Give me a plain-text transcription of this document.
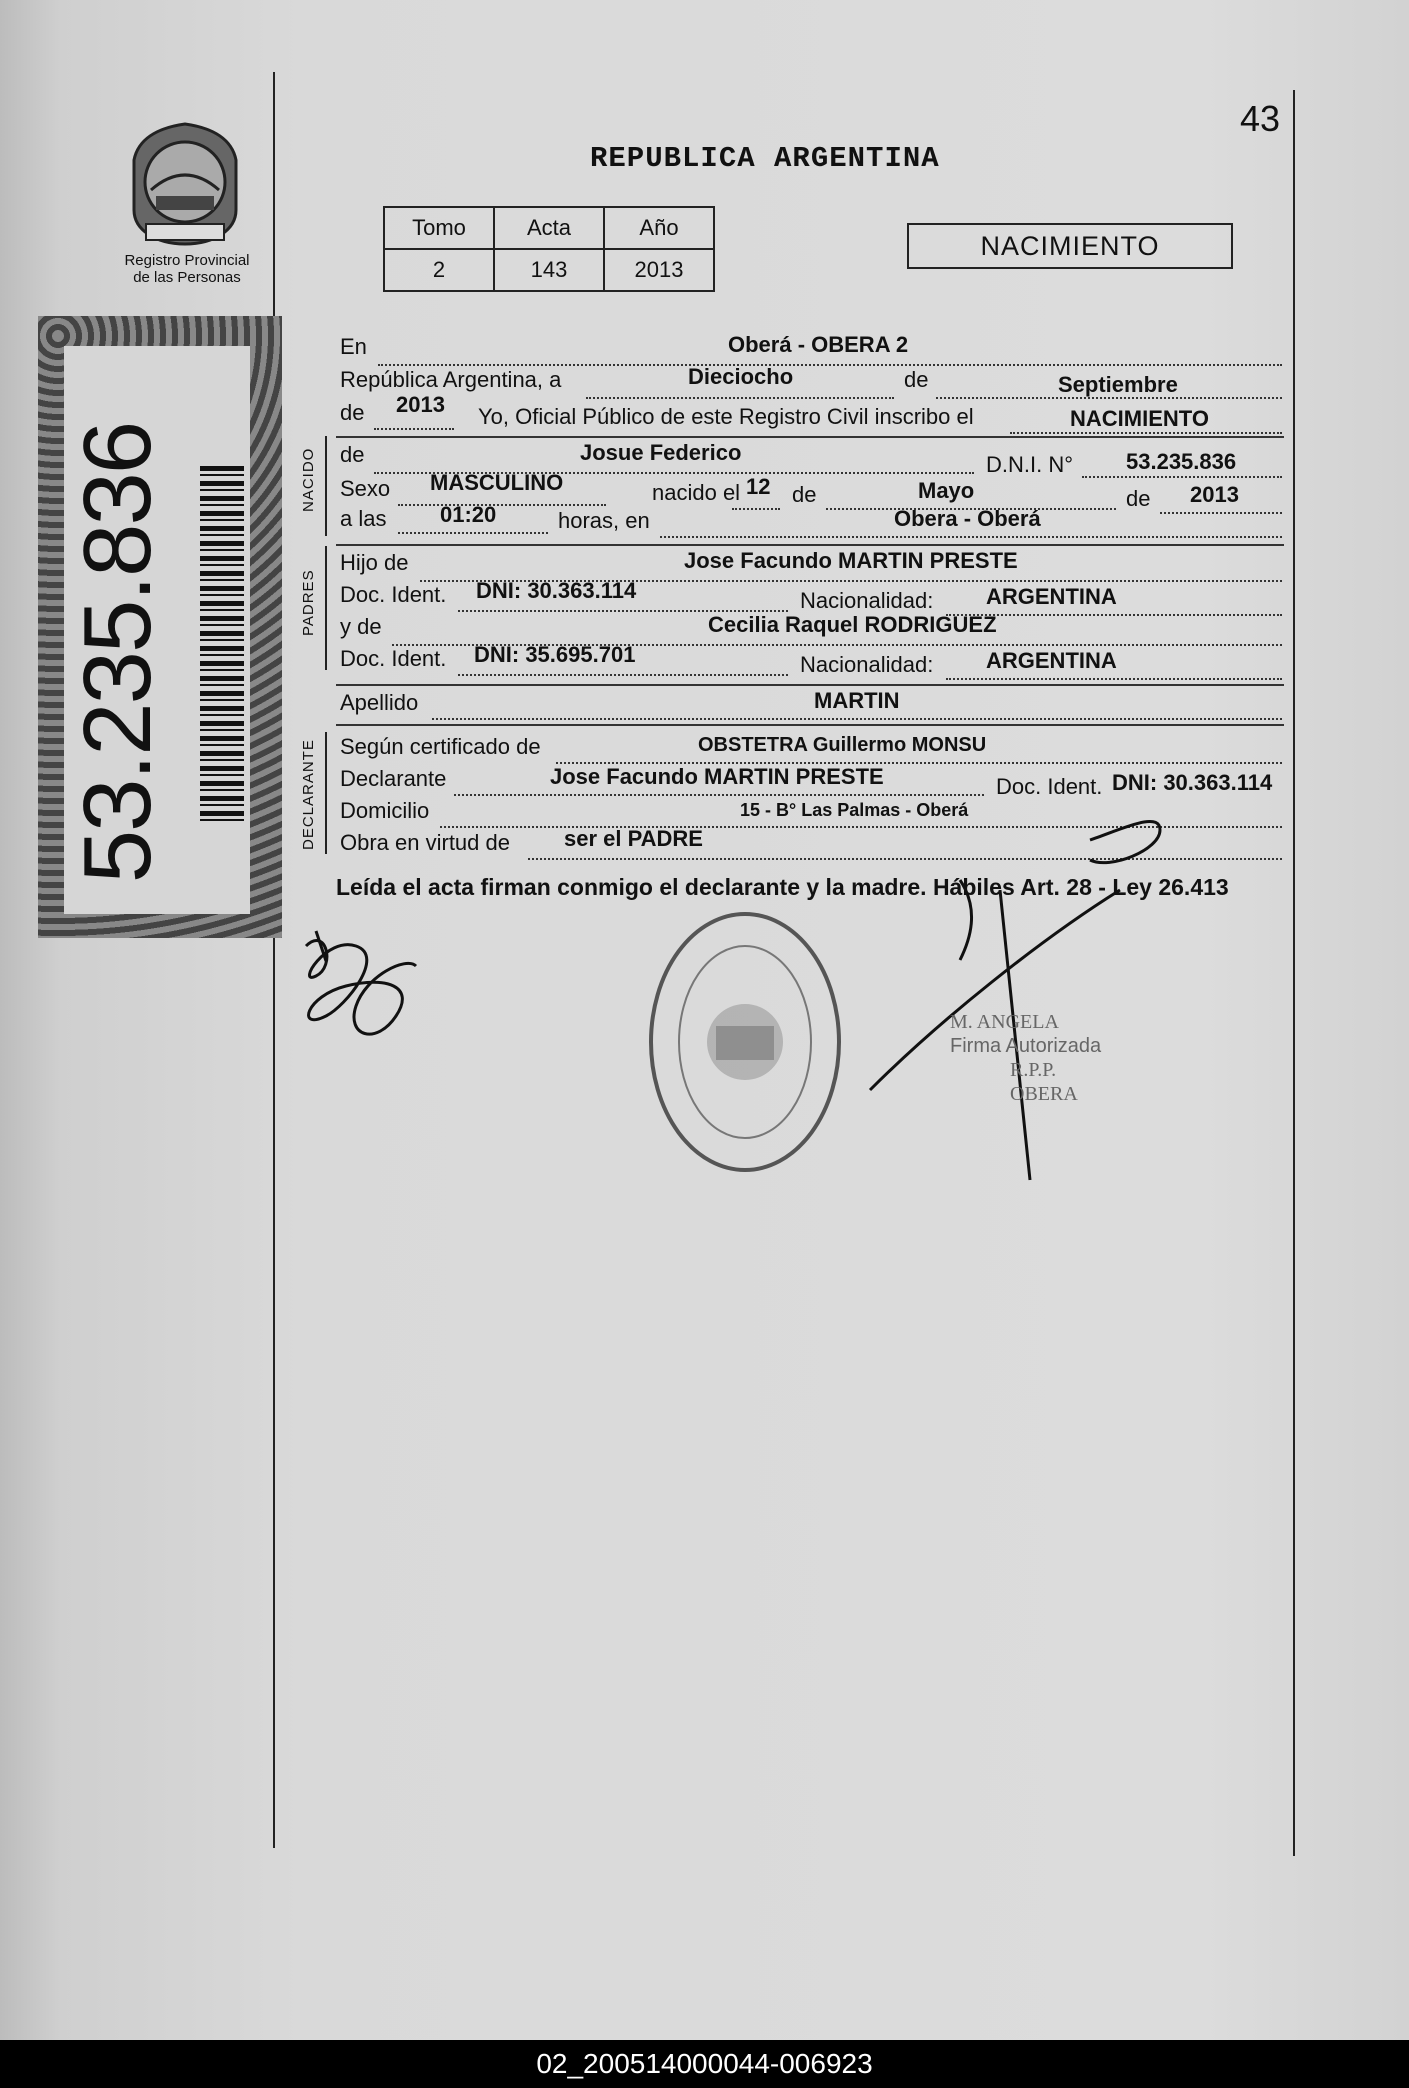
43
Registro Provincial
de las Personas
53.235.836
REPUBLICA ARGENTINA
Tomo	Acta	Año
2	143	2013
NACIMIENTO
NACIDO
PADRES
DECLARANTE
En	Oberá - OBERA 2
República Argentina, a	Dieciocho	de	Septiembre
de 2013 Yo, Oficial Público de este Registro Civil inscribo el	NACIMIENTO
de	Josue Federico	D.N.I. N° 53.235.836
Sexo MASCULINO	nacido el 12 de	Mayo	de 2013
a las 01:20	horas, en	Obera - Oberá
Hijo de	Jose Facundo MARTIN PRESTE
Doc. Ident. DNI: 30.363.114	Nacionalidad: ARGENTINA
y de	Cecilia Raquel RODRIGUEZ
Doc. Ident. DNI: 35.695.701	Nacionalidad: ARGENTINA
Apellido	MARTIN
Según certificado de	OBSTETRA Guillermo MONSU
Declarante	Jose Facundo MARTIN PRESTE	Doc. Ident. DNI: 30.363.114
Domicilio	15 - B° Las Palmas - Oberá
Obra en virtud de ser el PADRE
Leída el acta firman conmigo el declarante y la madre. Hábiles Art. 28 - Ley 26.413
M. ANGELA
Firma Autorizada
R.P.P.
OBERA
02_200514000044-006923
